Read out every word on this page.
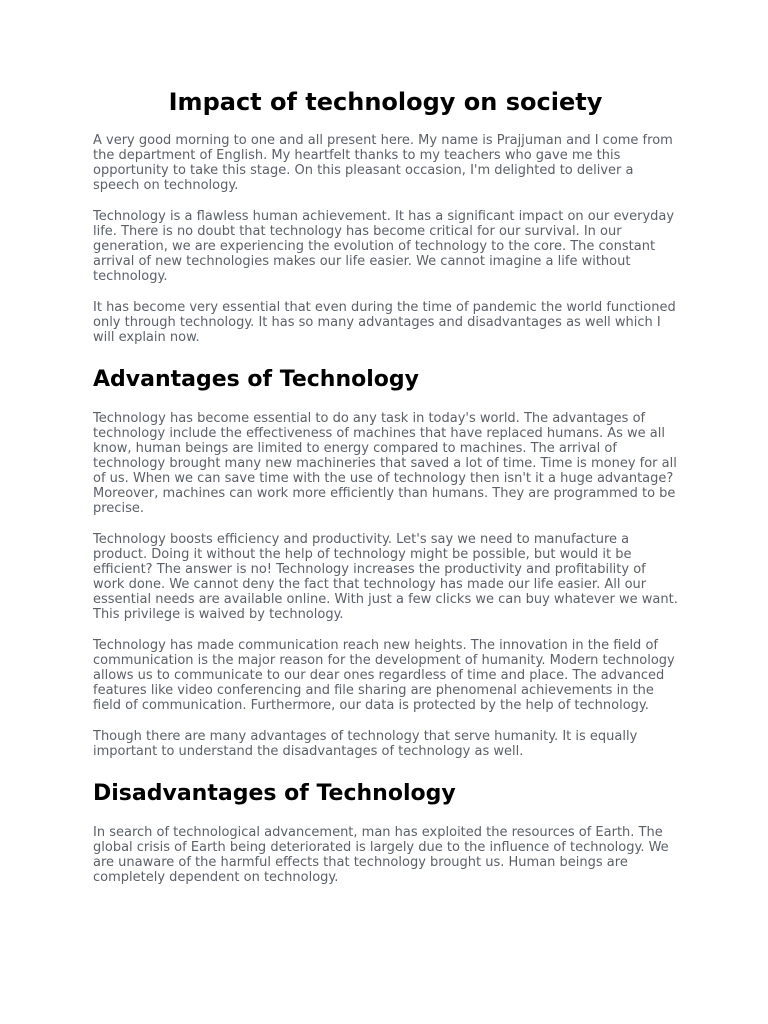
Impact of technology on society

A very good morning to one and all present here. My name is Prajjuman and I come from the department of English. My heartfelt thanks to my teachers who gave me this opportunity to take this stage. On this pleasant occasion, I'm delighted to deliver a speech on technology.

Technology is a flawless human achievement. It has a significant impact on our everyday life. There is no doubt that technology has become critical for our survival. In our generation, we are experiencing the evolution of technology to the core. The constant arrival of new technologies makes our life easier. We cannot imagine a life without technology.

It has become very essential that even during the time of pandemic the world functioned only through technology. It has so many advantages and disadvantages as well which I will explain now.

Advantages of Technology

Technology has become essential to do any task in today's world. The advantages of technology include the effectiveness of machines that have replaced humans. As we all know, human beings are limited to energy compared to machines. The arrival of technology brought many new machineries that saved a lot of time. Time is money for all of us. When we can save time with the use of technology then isn't it a huge advantage? Moreover, machines can work more efficiently than humans. They are programmed to be precise.

Technology boosts efficiency and productivity. Let's say we need to manufacture a product. Doing it without the help of technology might be possible, but would it be efficient? The answer is no! Technology increases the productivity and profitability of work done. We cannot deny the fact that technology has made our life easier. All our essential needs are available online. With just a few clicks we can buy whatever we want. This privilege is waived by technology.

Technology has made communication reach new heights. The innovation in the field of communication is the major reason for the development of humanity. Modern technology allows us to communicate to our dear ones regardless of time and place. The advanced features like video conferencing and file sharing are phenomenal achievements in the field of communication. Furthermore, our data is protected by the help of technology.

Though there are many advantages of technology that serve humanity. It is equally important to understand the disadvantages of technology as well.

Disadvantages of Technology

In search of technological advancement, man has exploited the resources of Earth. The global crisis of Earth being deteriorated is largely due to the influence of technology. We are unaware of the harmful effects that technology brought us. Human beings are completely dependent on technology.
